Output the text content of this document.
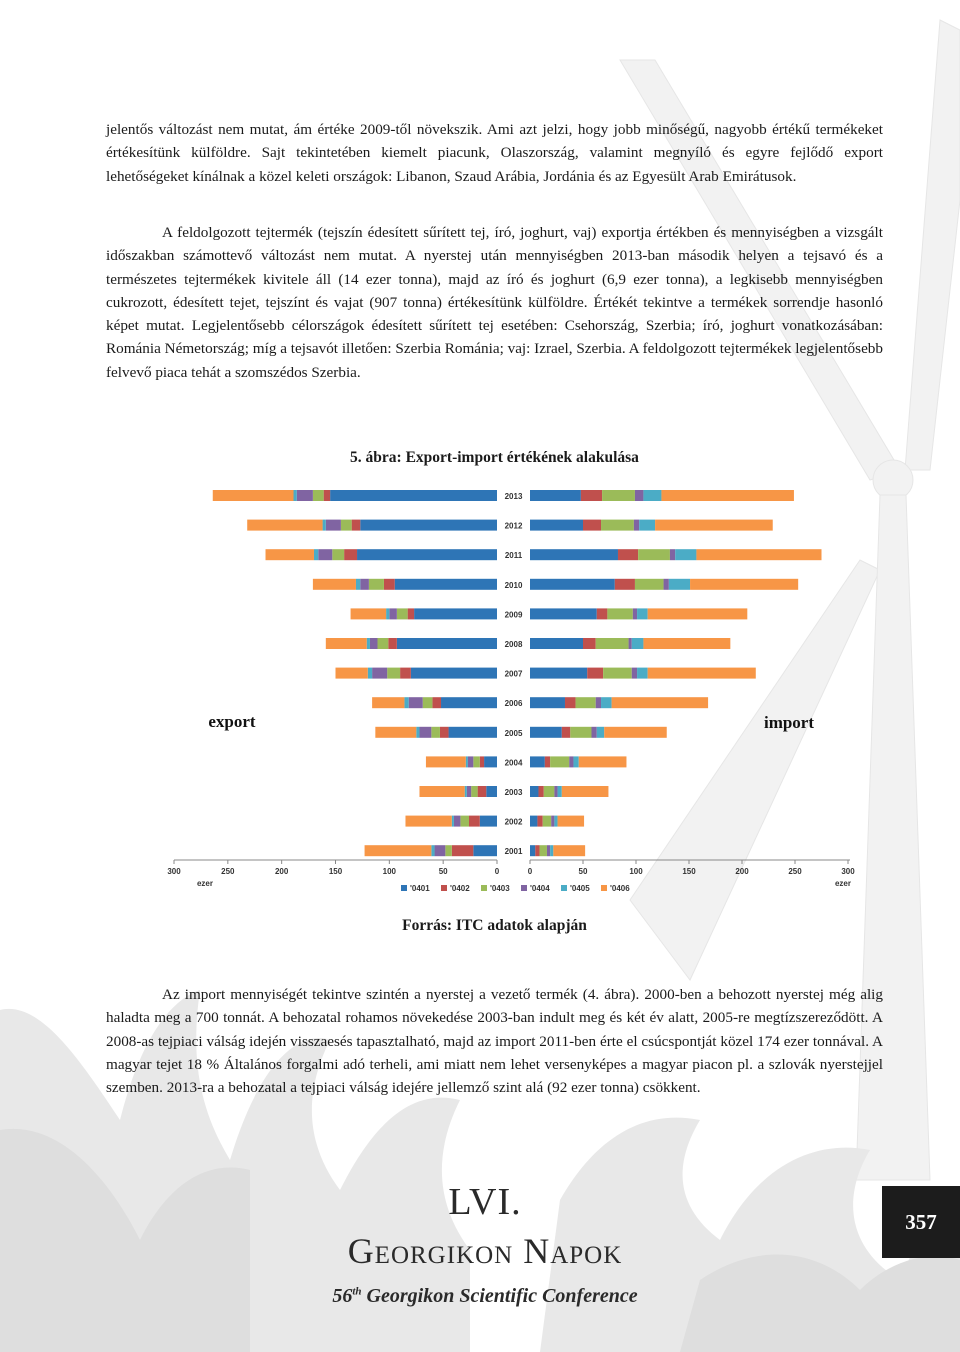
jelentős változást nem mutat, ám értéke 2009-től növekszik. Ami azt jelzi, hogy jobb minőségű, nagyobb értékű termékeket értékesítünk külföldre. Sajt tekintetében kiemelt piacunk, Olaszország, valamint megnyíló és egyre fejlődő export lehetőségeket kínálnak a közel keleti országok: Libanon, Szaud Arábia, Jordánia és az Egyesült Arab Emirátusok.

A feldolgozott tejtermék (tejszín édesített sűrített tej, író, joghurt, vaj) exportja értékben és mennyiségben a vizsgált időszakban számottevő változást nem mutat. A nyerstej után mennyiségben 2013-ban második helyen a tejsavó és a természetes tejtermékek kivitele áll (14 ezer tonna), majd az író és joghurt (6,9 ezer tonna), a legkisebb mennyiségben cukrozott, édesített tejet, tejszínt és vajat (907 tonna) értékesítünk külföldre. Értékét tekintve a termékek sorrendje hasonló képet mutat. Legjelentősebb célországok édesített sűrített tej esetében: Csehország, Szerbia; író, joghurt vonatkozásában: Románia Németország; míg a tejsavót illetően: Szerbia Románia; vaj: Izrael, Szerbia. A feldolgozott tejtermékek legjelentősebb felvevő piaca tehát a szomszédos Szerbia.

5. ábra: Export-import értékének alakulása

2013
2012
2011
2010
2009
2008
2007
2006
2005
2004
2003
2002
2001
300	250	200	150	100	50	0	0	50	100	150	200	250	300
ezer	ezer
export	import
'0401	'0402	'0403	'0404	'0405	'0406

Forrás: ITC adatok alapján

Az import mennyiségét tekintve szintén a nyerstej a vezető termék (4. ábra). 2000-ben a behozott nyerstej még alig haladta meg a 700 tonnát. A behozatal rohamos növekedése 2003-ban indult meg és két év alatt, 2005-re megtízszereződött. A 2008-as tejpiaci válság idején visszaesés tapasztalható, majd az import 2011-ben érte el csúcspontját közel 174 ezer tonnával. A magyar tejet 18 % Általános forgalmi adó terheli, ami miatt nem lehet versenyképes a magyar piacon pl. a szlovák nyerstejjel szemben. 2013-ra a behozatal a tejpiaci válság idejére jellemző szint alá (92 ezer tonna) csökkent.

LVI.

Georgikon Napok

56th Georgikon Scientific Conference

357
